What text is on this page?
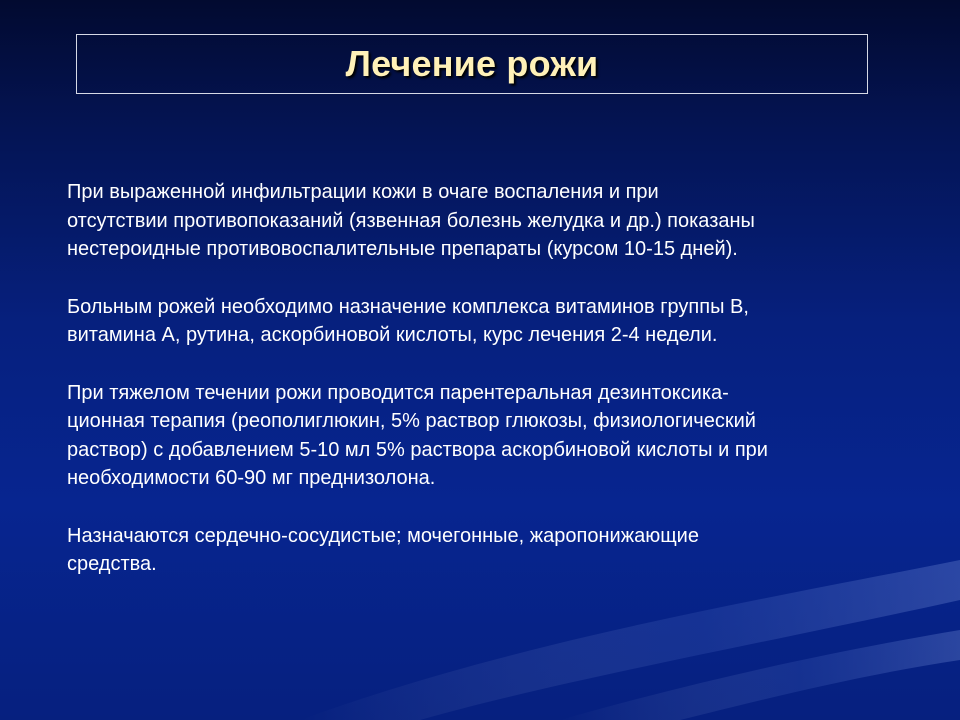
Лечение рожи

При выраженной инфильтрации кожи в очаге воспаления и при
отсутствии противопоказаний (язвенная болезнь желудка и др.) показаны
нестероидные противовоспалительные препараты (курсом 10-15 дней).

Больным рожей необходимо назначение комплекса витаминов группы В,
витамина А, рутина, аскорбиновой кислоты, курс лечения 2-4 недели.

При тяжелом течении рожи проводится парентеральная дезинтоксика-
ционная терапия (реополиглюкин, 5% раствор глюкозы, физиологический
раствор) с добавлением 5-10 мл 5% раствора аскорбиновой кислоты и при
необходимости 60-90 мг преднизолона.

Назначаются сердечно-сосудистые; мочегонные, жаропонижающие
средства.
